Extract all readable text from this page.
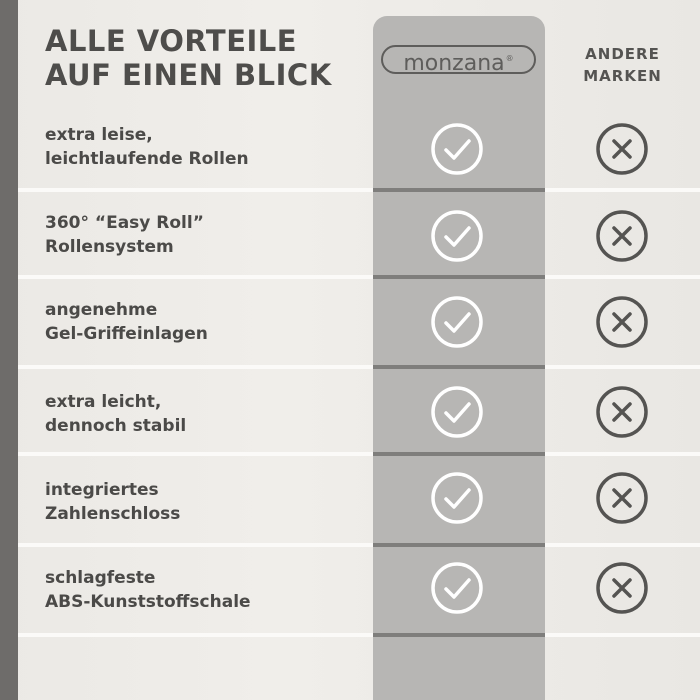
ALLE VORTEILE
AUF EINEN BLICK	monzana®	ANDERE
MARKEN
extra leise,
leichtlaufende Rollen
360° “Easy Roll”
Rollensystem
angenehme
Gel-Griffeinlagen
extra leicht,
dennoch stabil
integriertes
Zahlenschloss
schlagfeste
ABS-Kunststoffschale
